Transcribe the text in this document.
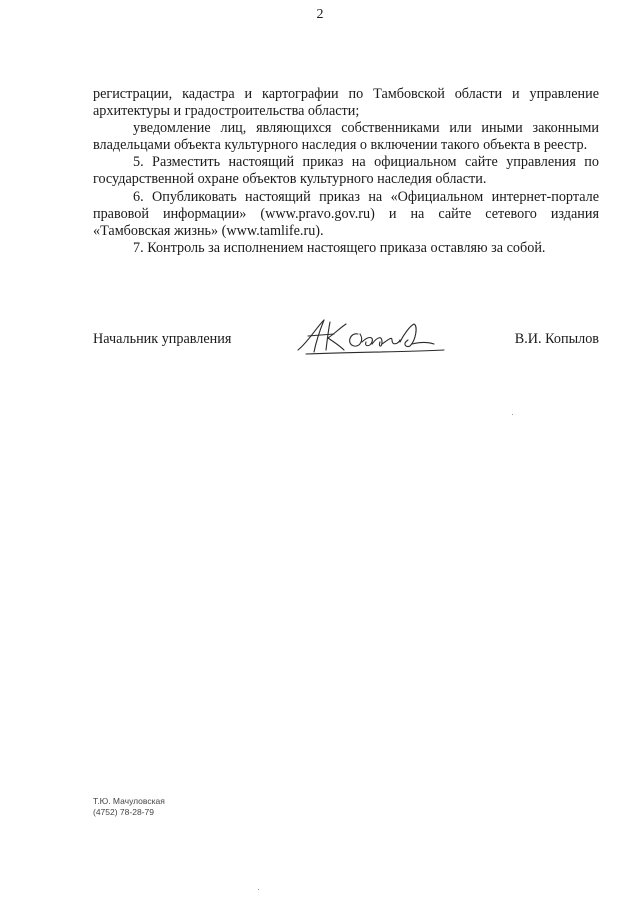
2

регистрации, кадастра и картографии по Тамбовской области и управление архитектуры и градостроительства области;

уведомление лиц, являющихся собственниками или иными законными владельцами объекта культурного наследия о включении такого объекта в реестр.

5. Разместить настоящий приказ на официальном сайте управления по государственной охране объектов культурного наследия области.

6. Опубликовать настоящий приказ на «Официальном интернет-портале правовой информации» (www.pravo.gov.ru) и на сайте сетевого издания «Тамбовская жизнь» (www.tamlife.ru).

7. Контроль за исполнением настоящего приказа оставляю за собой.

Начальник управления	В.И. Копылов
Т.Ю. Мачуловская
(4752) 78-28-79
